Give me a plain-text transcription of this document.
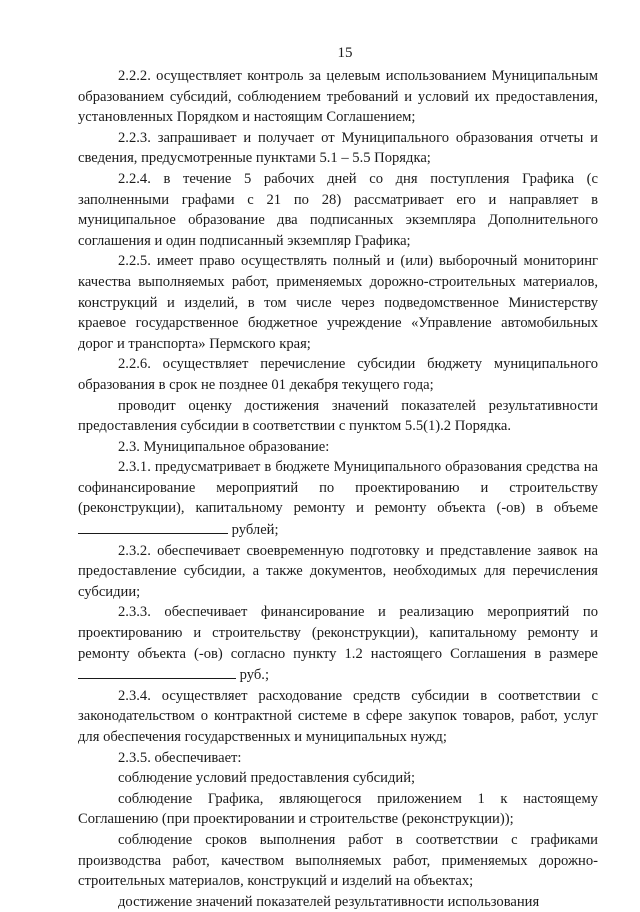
15

2.2.2. осуществляет контроль за целевым использованием Муниципальным образованием субсидий, соблюдением требований и условий их предоставления, установленных Порядком и настоящим Соглашением;

2.2.3. запрашивает и получает от Муниципального образования отчеты и сведения, предусмотренные пунктами 5.1 – 5.5 Порядка;

2.2.4. в течение 5 рабочих дней со дня поступления Графика (с заполненными графами с 21 по 28) рассматривает его и направляет в муниципальное образование два подписанных экземпляра Дополнительного соглашения и один подписанный экземпляр Графика;

2.2.5. имеет право осуществлять полный и (или) выборочный мониторинг качества выполняемых работ, применяемых дорожно-строительных материалов, конструкций и изделий, в том числе через подведомственное Министерству краевое государственное бюджетное учреждение «Управление автомобильных дорог и транспорта» Пермского края;

2.2.6. осуществляет перечисление субсидии бюджету муниципального образования в срок не позднее 01 декабря текущего года;

проводит оценку достижения значений показателей результативности предоставления субсидии в соответствии с пунктом 5.5(1).2 Порядка.

2.3. Муниципальное образование:

2.3.1. предусматривает в бюджете Муниципального образования средства на софинансирование мероприятий по проектированию и строительству (реконструкции), капитальному ремонту и ремонту объекта (-ов) в объеме  рублей;

2.3.2. обеспечивает своевременную подготовку и представление заявок на предоставление субсидии, а также документов, необходимых для перечисления субсидии;

2.3.3. обеспечивает финансирование и реализацию мероприятий по проектированию и строительству (реконструкции), капитальному ремонту и ремонту объекта (-ов) согласно пункту 1.2 настоящего Соглашения в размере  руб.;

2.3.4. осуществляет расходование средств субсидии в соответствии с законодательством о контрактной системе в сфере закупок товаров, работ, услуг для обеспечения государственных и муниципальных нужд;

2.3.5. обеспечивает:

соблюдение условий предоставления субсидий;

соблюдение Графика, являющегося приложением 1 к настоящему Соглашению (при проектировании и строительстве (реконструкции));

соблюдение сроков выполнения работ в соответствии с графиками производства работ, качеством выполняемых работ, применяемых дорожно-строительных материалов, конструкций и изделий на объектах;

достижение значений показателей результативности использования
